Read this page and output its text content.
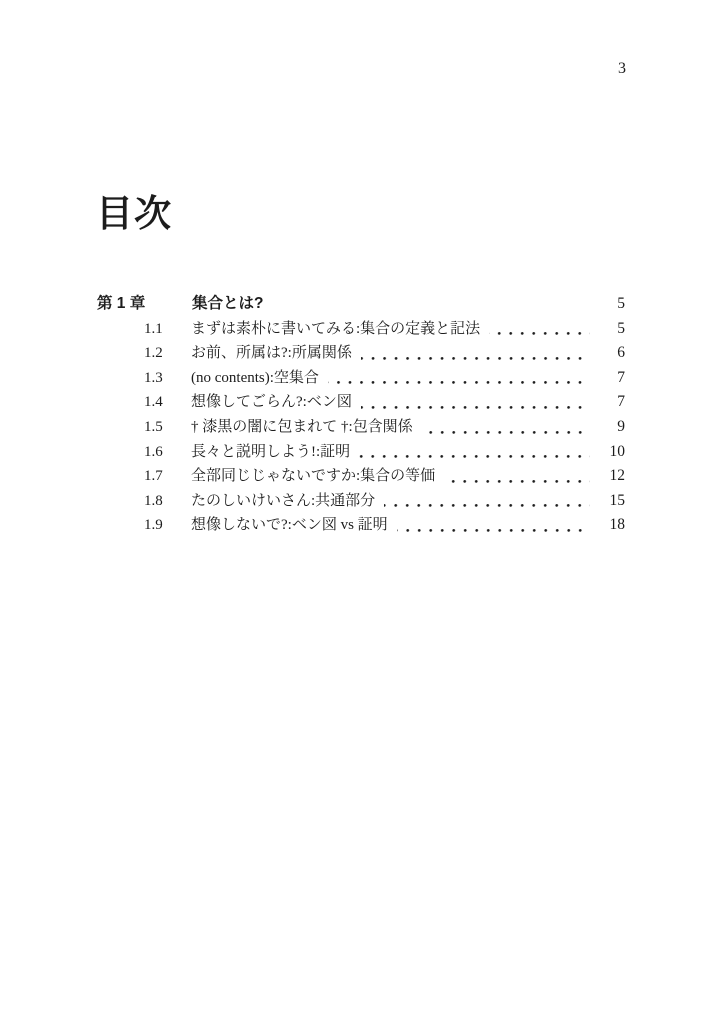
3
目次
第 1 章	集合とは?	5
1.1	まずは素朴に書いてみる:集合の定義と記法	5
1.2	お前、所属は?:所属関係	6
1.3	(no contents):空集合	7
1.4	想像してごらん?:ベン図	7
1.5	† 漆黒の闇に包まれて †:包含関係	9
1.6	長々と説明しよう!:証明	10
1.7	全部同じじゃないですか:集合の等価	12
1.8	たのしいけいさん:共通部分	15
1.9	想像しないで?:ベン図 vs 証明	18
